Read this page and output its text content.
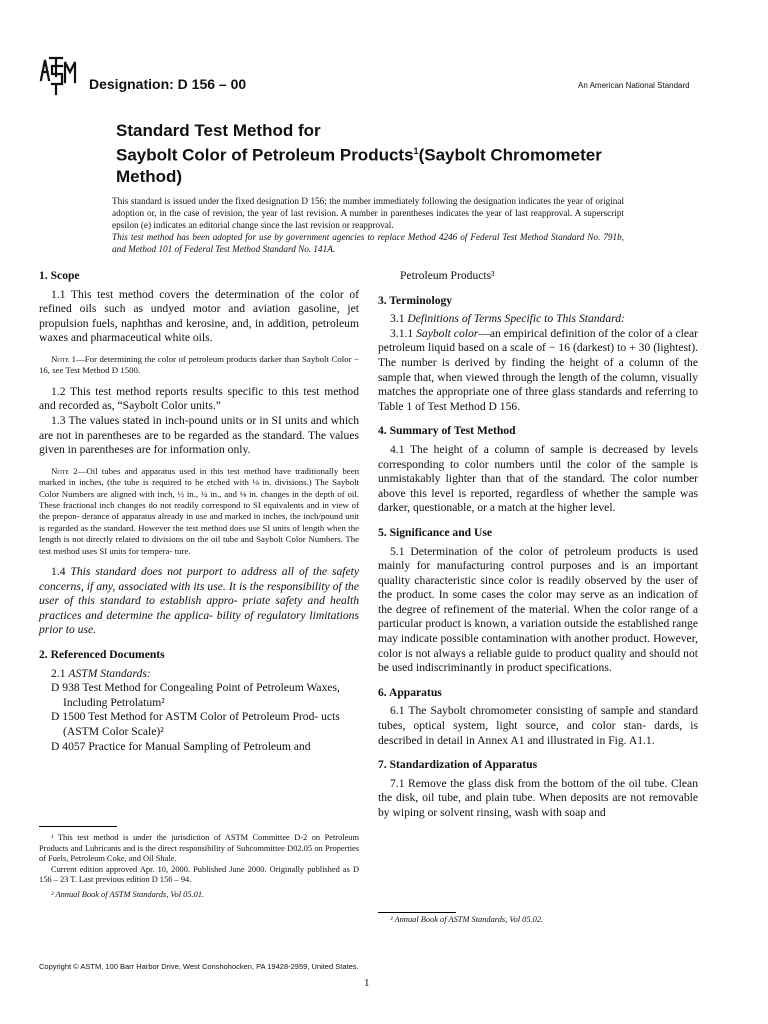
Designation: D 156 – 00	An American National Standard
Standard Test Method for
Saybolt Color of Petroleum Products$^1$(Saybolt Chromometer
Method)

This standard is issued under the fixed designation D 156; the number immediately following the designation indicates the year of original adoption or, in the case of revision, the year of last revision. A number in parentheses indicates the year of last reapproval. A superscript epsilon (e) indicates an editorial change since the last revision or reapproval.

This test method has been adopted for use by government agencies to replace Method 4246 of Federal Test Method Standard No. 791b, and Method 101 of Federal Test Method Standard No. 141A.

1. Scope

1.1 This test method covers the determination of the color of refined oils such as undyed motor and aviation gasoline, jet propulsion fuels, naphthas and kerosine, and, in addition, petroleum waxes and pharmaceutical white oils.

Note 1—For determining the color of petroleum products darker than Saybolt Color − 16, see Test Method D 1500.

1.2 This test method reports results specific to this test method and recorded as, “Saybolt Color units.”

1.3 The values stated in inch-pound units or in SI units and which are not in parentheses are to be regarded as the standard. The values given in parentheses are for information only.

Note 2—Oil tubes and apparatus used in this test method have traditionally been marked in inches, (the tube is required to be etched with ⅛ in. divisions.) The Saybolt Color Numbers are aligned with inch, ½ in., ¼ in., and ⅛ in. changes in the depth of oil. These fractional inch changes do not readily correspond to SI equivalents and in view of the prepon- derance of apparatus already in use and marked in inches, the inch/pound unit is regarded as the standard. However the test method does use SI units of length when the length is not directly related to divisions on the oil tube and Saybolt Color Numbers. The test method uses SI units for tempera- ture.

1.4 This standard does not purport to address all of the safety concerns, if any, associated with its use. It is the responsibility of the user of this standard to establish appro- priate safety and health practices and determine the applica- bility of regulatory limitations prior to use.

2. Referenced Documents

2.1 ASTM Standards:

D 938 Test Method for Congealing Point of Petroleum Waxes, Including Petrolatum²

D 1500 Test Method for ASTM Color of Petroleum Prod- ucts (ASTM Color Scale)²

D 4057 Practice for Manual Sampling of Petroleum and

Petroleum Products³

3. Terminology

3.1 Definitions of Terms Specific to This Standard:

3.1.1 Saybolt color—an empirical definition of the color of a clear petroleum liquid based on a scale of − 16 (darkest) to + 30 (lightest). The number is derived by finding the height of a column of the sample that, when viewed through the length of the column, visually matches the appropriate one of three glass standards and referring to Table 1 of Test Method D 156.

4. Summary of Test Method

4.1 The height of a column of sample is decreased by levels corresponding to color numbers until the color of the sample is unmistakably lighter than that of the standard. The color number above this level is reported, regardless of whether the sample was darker, questionable, or a match at the higher level.

5. Significance and Use

5.1 Determination of the color of petroleum products is used mainly for manufacturing control purposes and is an important quality characteristic since color is readily observed by the user of the product. In some cases the color may serve as an indication of the degree of refinement of the material. When the color range of a particular product is known, a variation outside the established range may indicate possible contamination with another product. However, color is not always a reliable guide to product quality and should not be used indiscriminantly in product specifications.

6. Apparatus

6.1 The Saybolt chromometer consisting of sample and standard tubes, optical system, light source, and color stan- dards, is described in detail in Annex A1 and illustrated in Fig. A1.1.

7. Standardization of Apparatus

7.1 Remove the glass disk from the bottom of the oil tube. Clean the disk, oil tube, and plain tube. When deposits are not removable by wiping or solvent rinsing, wash with soap and

¹ This test method is under the jurisdiction of ASTM Committee D-2 on Petroleum Products and Lubricants and is the direct responsibility of Subcommittee D02.05 on Properties of Fuels, Petroleum Coke, and Oil Shale.

Current edition approved Apr. 10, 2000. Published June 2000. Originally published as D 156 – 23 T. Last previous edition D 156 – 94.

² Annual Book of ASTM Standards, Vol 05.01.

³ Annual Book of ASTM Standards, Vol 05.02.

Copyright © ASTM, 100 Barr Harbor Drive, West Conshohocken, PA 19428-2959, United States.
1
